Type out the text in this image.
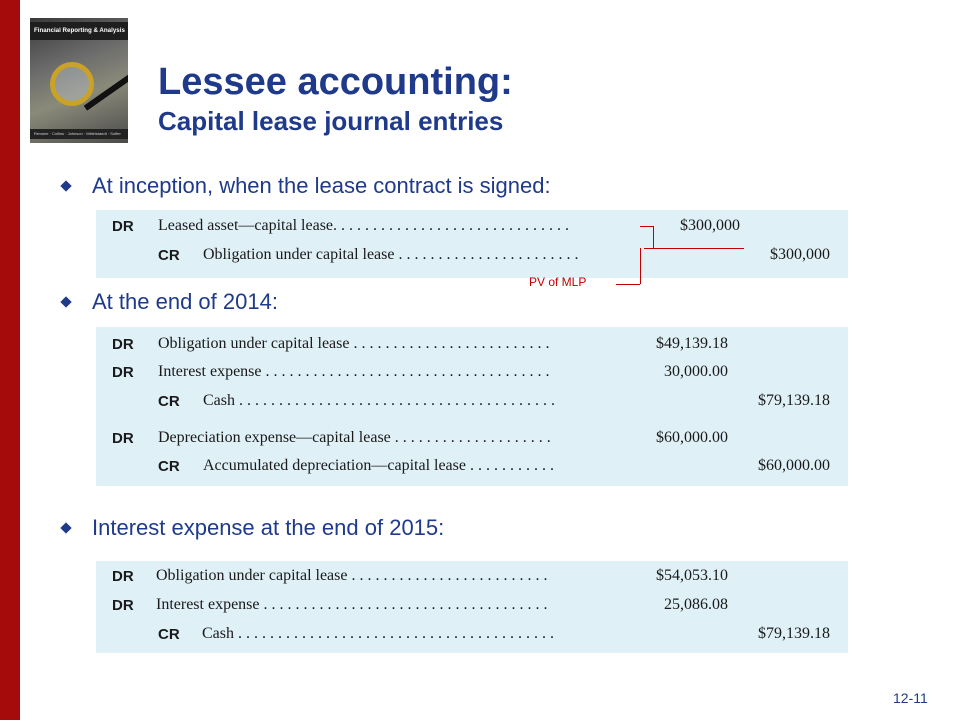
Financial Reporting & Analysis
Revsine · Collins · Johnson · Mittelstaedt · Soffer
Lessee accounting:
Capital lease journal entries
At inception, when the lease contract is signed:
DR Leased asset—capital lease. . . . . . . . . . . . . . . . . . . . . . . . . . . . . .	$300,000
CR Obligation under capital lease . . . . . . . . . . . . . . . . . . . . . . .	$300,000
PV of MLP
At the end of 2014:
DR Obligation under capital lease . . . . . . . . . . . . . . . . . . . . . . . . .	$49,139.18
DR Interest expense . . . . . . . . . . . . . . . . . . . . . . . . . . . . . . . . . . . .	30,000.00
CR Cash . . . . . . . . . . . . . . . . . . . . . . . . . . . . . . . . . . . . . . . .	$79,139.18
DR Depreciation expense—capital lease . . . . . . . . . . . . . . . . . . . .	$60,000.00
CR Accumulated depreciation—capital lease . . . . . . . . . . .	$60,000.00
Interest expense at the end of 2015:
DR Obligation under capital lease . . . . . . . . . . . . . . . . . . . . . . . . .	$54,053.10
DR Interest expense . . . . . . . . . . . . . . . . . . . . . . . . . . . . . . . . . . . .	25,086.08
CR Cash . . . . . . . . . . . . . . . . . . . . . . . . . . . . . . . . . . . . . . . .	$79,139.18
12-11
